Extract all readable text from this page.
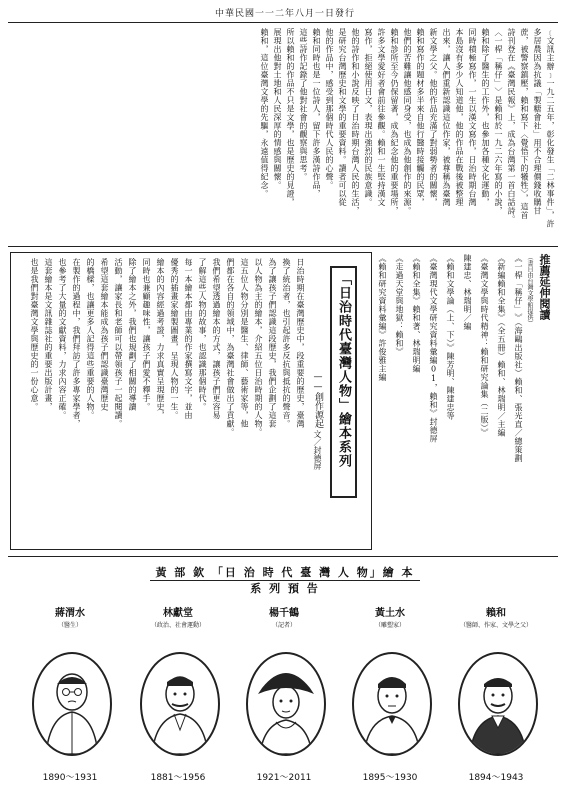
中華民國一一二年八月一日發行
﹝文訊主辦﹞一九二五年，彰化發生「二林事件」，許
多居農因為抗議「製糖會社」用不合理價錢收購甘
蔗，被警察鎮壓，賴和寫下〈覺悟下的犧牲〉，這首
詩刊登在《臺灣民報》上，成為台灣第一首白話詩。
〈一桿﹁稱仔﹂〉是賴和於一九二六年寫的小說，
賴和除了醫生的工作外，也參加各種文化運動，
同時積極寫作，一生以漢文寫作，日治時期台灣
本島沒有多少人知道他，他的作品在戰後被整理
出來，讓人們重新認識這位作家，被尊稱為臺灣
新文學之父。他的作品充滿了對弱勢者的關懷，
賴和寫作的題材多半來自他行醫時接觸的民眾，
他們的苦難讓他感同身受，也成為他創作的來源。
賴和診所至今仍保留著，成為紀念他的重要場所，
許多文學愛好者會前往參觀。賴和一生堅持漢文
寫作，拒絕使用日文，表現出強烈的民族意識。
他的詩作和小說反映了日治時期台灣人民的生活，
是研究台灣歷史和文學的重要資料。讀者可以從
他的作品中，感受到那個時代人民的心聲。
賴和同時也是一位詩人，留下許多漢詩作品，
這些詩作記錄了他對社會的觀察與思考。
所以賴和的作品不只是文學，也是歷史的見證，
展現出他對土地和人民深厚的情感與關懷。
賴和，這位臺灣文學的先驅，永遠值得紀念。
推薦延伸閱讀
（書目由台灣文學館提供）
《一桿﹁稱仔﹂》（海鷗出版社）賴和、張光直／總策劃
《新編賴和全集》（全五冊）賴和、林瑞明／主編
《臺灣文學與時代精神：賴和研究論集（二版）》
陳建忠、林瑞明／編
《賴和文學論（上、下）》陳芳明、陳建忠等
《臺灣現代文學研究資料彙編01，賴和》封德屏
《賴和全集》賴和著、林瑞明編
《走過天堂與地獄：賴和》
《賴和研究資料彙編》許俊雅主編
「日治時代臺灣人物」繪本系列
——創作源起
文／封德屏
日治時期在臺灣歷史中，段重要的歷史，臺灣
換了統治者，也引起許多反抗與抵抗的聲音。
為了讓孩子們認識這段歷史，我們企劃了這套
以人物為主的繪本，介紹五位日治時期的人物。
這五位人物分別是醫生、律師、藝術家等，他
們都在各自的領域中，為臺灣社會做出了貢獻。
我們希望透過繪本的方式，讓孩子們更容易
了解這些人物的故事，也認識那個時代。
每一本繪本都由專業的作家撰寫文字，並由
優秀的插畫家繪製圖畫，呈現人物的一生。
繪本的內容經過考證，力求真實呈現歷史，
同時也兼顧趣味性，讓孩子們愛不釋手。
除了繪本之外，我們也規劃了相關的導讀
活動，讓家長和老師可以帶領孩子一起閱讀。
希望這套繪本能成為孩子們認識臺灣歷史
的橋樑，也讓更多人記得這些重要的人物。
在製作的過程中，我們拜訪了許多專家學者，
也參考了大量的文獻資料，力求內容正確。
這套繪本是文訊雜誌社的重要出版計畫，
也是我們對臺灣文學與歷史的一份心意。
黃 部 欽 「日 治 時 代 臺 灣 人 物」繪 本 系 列 預 告
蔣渭水
（醫生）
1890～1931
林獻堂
（政治、社會運動）
1881～1956
楊千鶴
（記者）
1921～2011
黃土水
（雕塑家）
1895～1930
賴和
（醫師、作家、文學之父）
1894～1943
